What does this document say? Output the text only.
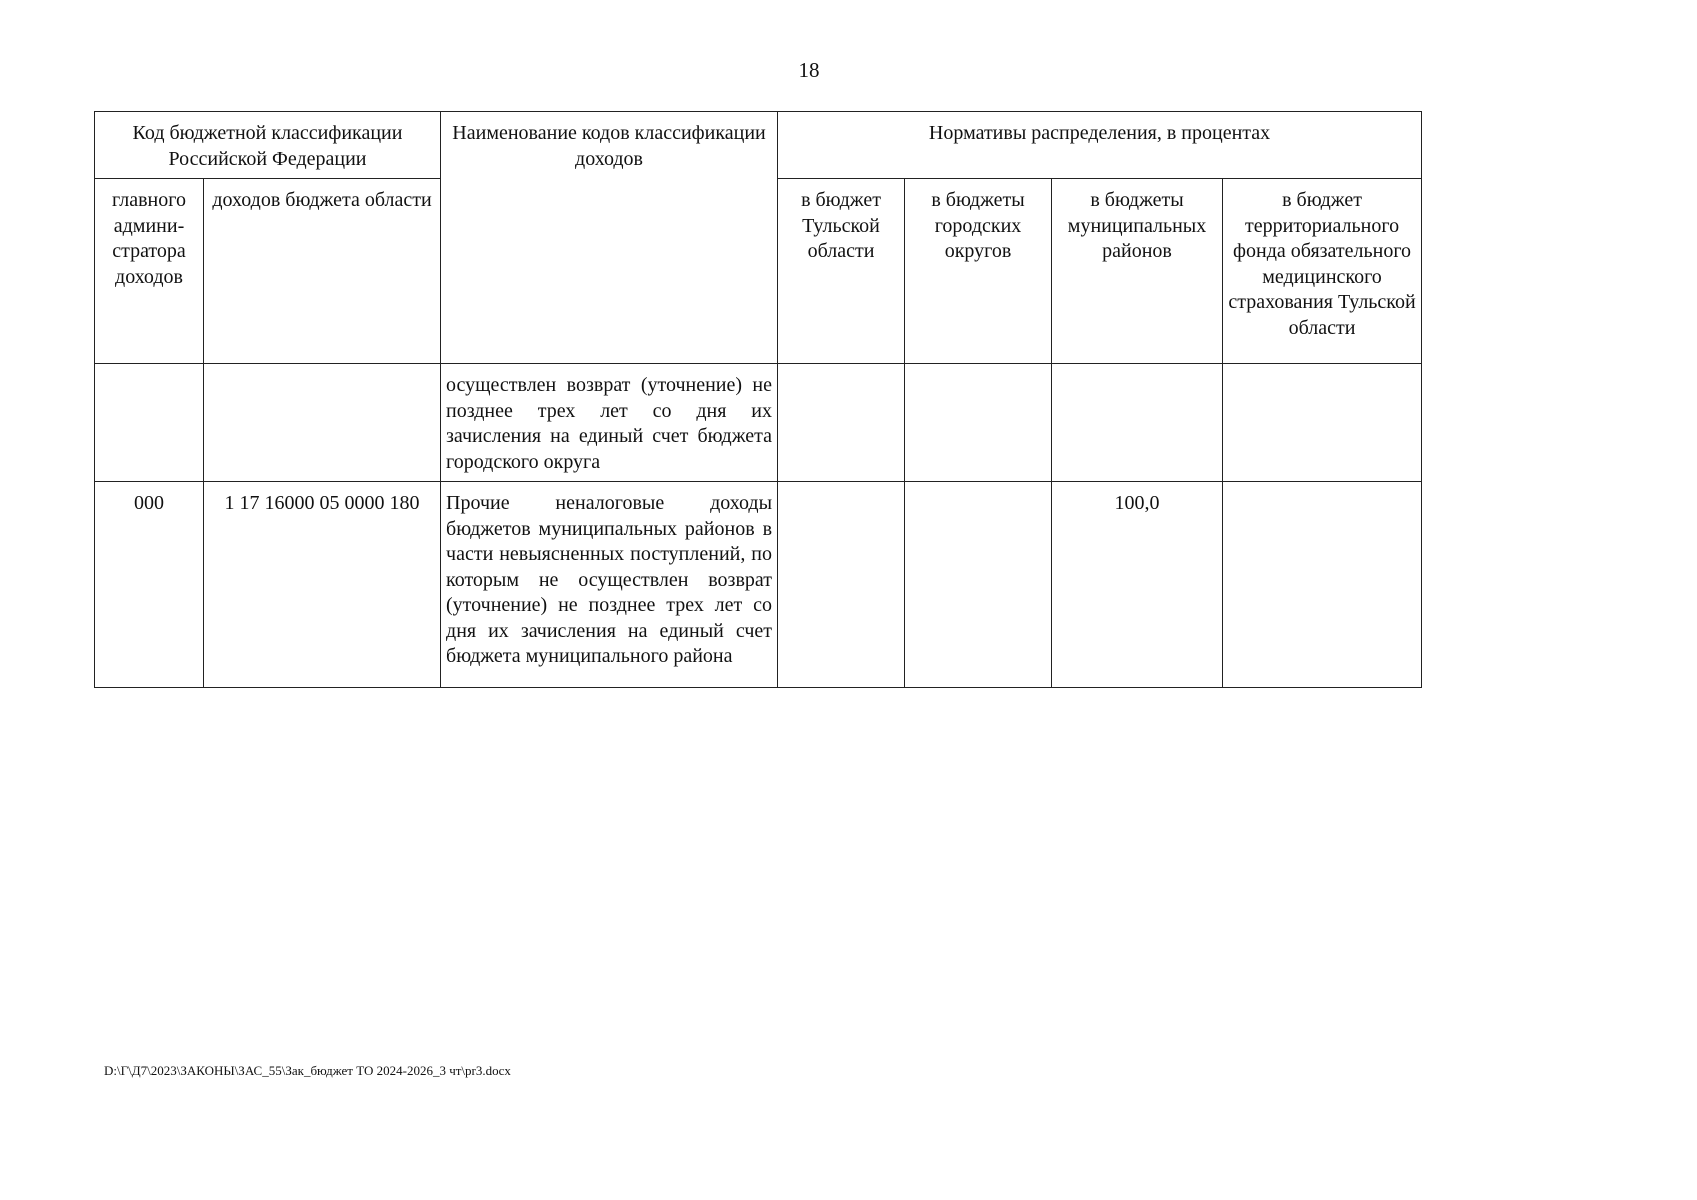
18
Код бюджетной классификации Российской Федерации		Наименование кодов классификации доходов	Нормативы распределения, в процентах			
главного админи-стратора доходов	доходов бюджета области		в бюджет Тульской области	в бюджеты городских округов	в бюджеты муниципальных районов	в бюджет территориального фонда обязательного медицинского страхования Тульской области
		осуществлен возврат (уточнение) не позднее трех лет со дня их зачисления на единый счет бюджета городского округа				
000	1 17 16000 05 0000 180	Прочие неналоговые доходы бюджетов муниципальных районов в части невыясненных поступлений, по которым не осуществлен возврат (уточнение) не позднее трех лет со дня их зачисления на единый счет бюджета муниципального района			100,0	
D:\Г\Д7\2023\ЗАКОНЫ\ЗАС_55\Зак_бюджет ТО 2024-2026_3 чт\pr3.docx
